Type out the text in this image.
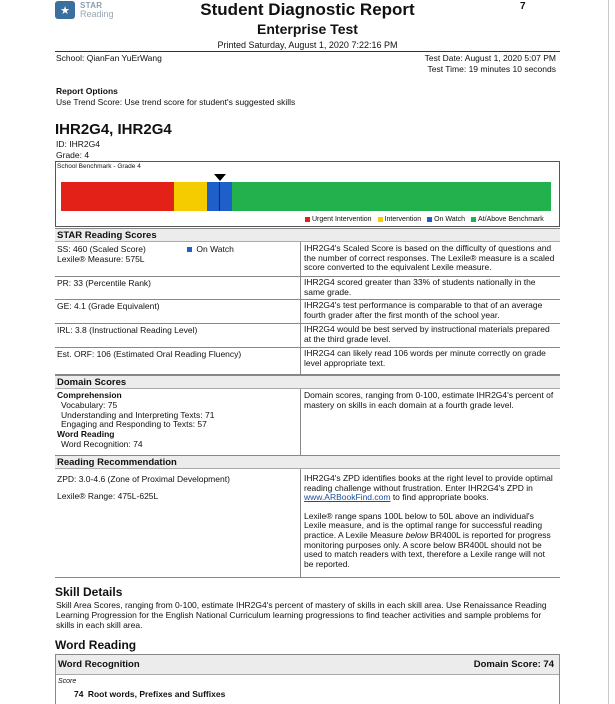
★	STAR
Reading	Student Diagnostic Report
Enterprise Test
7
Printed Saturday, August 1, 2020 7:22:16 PM
School: QianFan YuErWang	Test Date: August 1, 2020 5:07 PM
Test Time: 19 minutes 10 seconds
Report Options
Use Trend Score: Use trend score for student's suggested skills
IHR2G4, IHR2G4
ID: IHR2G4
Grade: 4
School Benchmark - Grade 4
Urgent Intervention Intervention On Watch At/Above Benchmark
STAR Reading Scores
SS: 460 (Scaled Score)	On Watch
Lexile® Measure: 575L
IHR2G4's Scaled Score is based on the difficulty of questions and the number of correct responses. The Lexile® measure is a scaled score converted to the equivalent Lexile measure.
PR: 33 (Percentile Rank)	IHR2G4 scored greater than 33% of students nationally in the same grade.
GE: 4.1 (Grade Equivalent)	IHR2G4's test performance is comparable to that of an average fourth grader after the first month of the school year.
IRL: 3.8 (Instructional Reading Level)	IHR2G4 would be best served by instructional materials prepared at the third grade level.
Est. ORF: 106 (Estimated Oral Reading Fluency)	IHR2G4 can likely read 106 words per minute correctly on grade level appropriate text.
Domain Scores
Comprehension
Vocabulary: 75
Understanding and Interpreting Texts: 71
Engaging and Responding to Texts: 57
Word Reading
Word Recognition: 74
Domain scores, ranging from 0-100, estimate IHR2G4's percent of mastery on skills in each domain at a fourth grade level.
Reading Recommendation
ZPD: 3.0-4.6 (Zone of Proximal Development)
Lexile® Range: 475L-625L
IHR2G4's ZPD identifies books at the right level to provide optimal reading challenge without frustration. Enter IHR2G4's ZPD in www.ARBookFind.com to find appropriate books.
Lexile® range spans 100L below to 50L above an individual's Lexile measure, and is the optimal range for successful reading practice. A Lexile Measure below BR400L is reported for progress monitoring purposes only. A score below BR400L should not be used to match readers with text, therefore a Lexile range will not be reported.
Skill Details
Skill Area Scores, ranging from 0-100, estimate IHR2G4's percent of mastery of skills in each skill area. Use Renaissance Reading Learning Progression for the English National Curriculum learning progressions to find teacher activities and sample problems for skills in each skill area.
Word Reading
Word Recognition	Domain Score: 74
Score
74 Root words, Prefixes and Suffixes
